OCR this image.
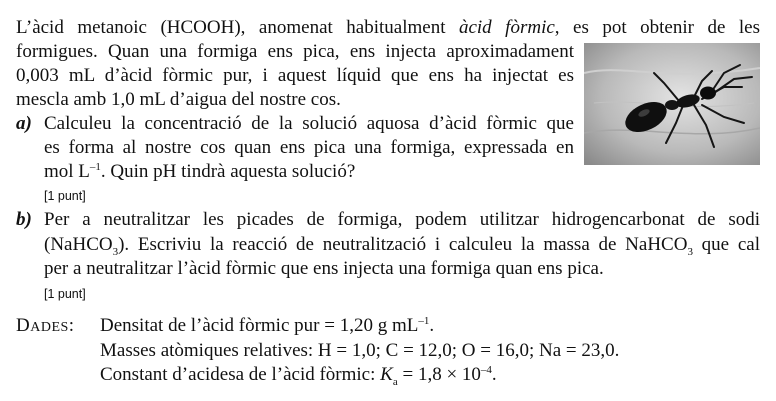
L’àcid metanoic (HCOOH), anomenat habitualment àcid fòrmic, es pot obtenir de les
formigues. Quan una formiga ens pica, ens injecta aproximadament
0,003 mL d’àcid fòrmic pur, i aquest líquid que ens ha injectat es
mescla amb 1,0 mL d’aigua del nostre cos.
a) Calculeu la concentració de la solució aquosa d’àcid fòrmic que
es forma al nostre cos quan ens pica una formiga, expressada en
mol $L^{-1}$. Quin pH tindrà aquesta solució?
[1 punt]
b) Per a neutralitzar les picades de formiga, podem utilitzar hidrogencarbonat de sodi
(NaHCO$_3$). Escriviu la reacció de neutralització i calculeu la massa de NaHCO$_3$ que cal
per a neutralitzar l’àcid fòrmic que ens injecta una formiga quan ens pica.
[1 punt]
DADES: Densitat de l’àcid fòrmic pur = 1,20 g $mL^{-1}$.
Masses atòmiques relatives: H = 1,0; C = 12,0; O = 16,0; Na = 23,0.
Constant d’acidesa de l’àcid fòrmic: $K_a = 1,8 \times 10^{-4}$.
